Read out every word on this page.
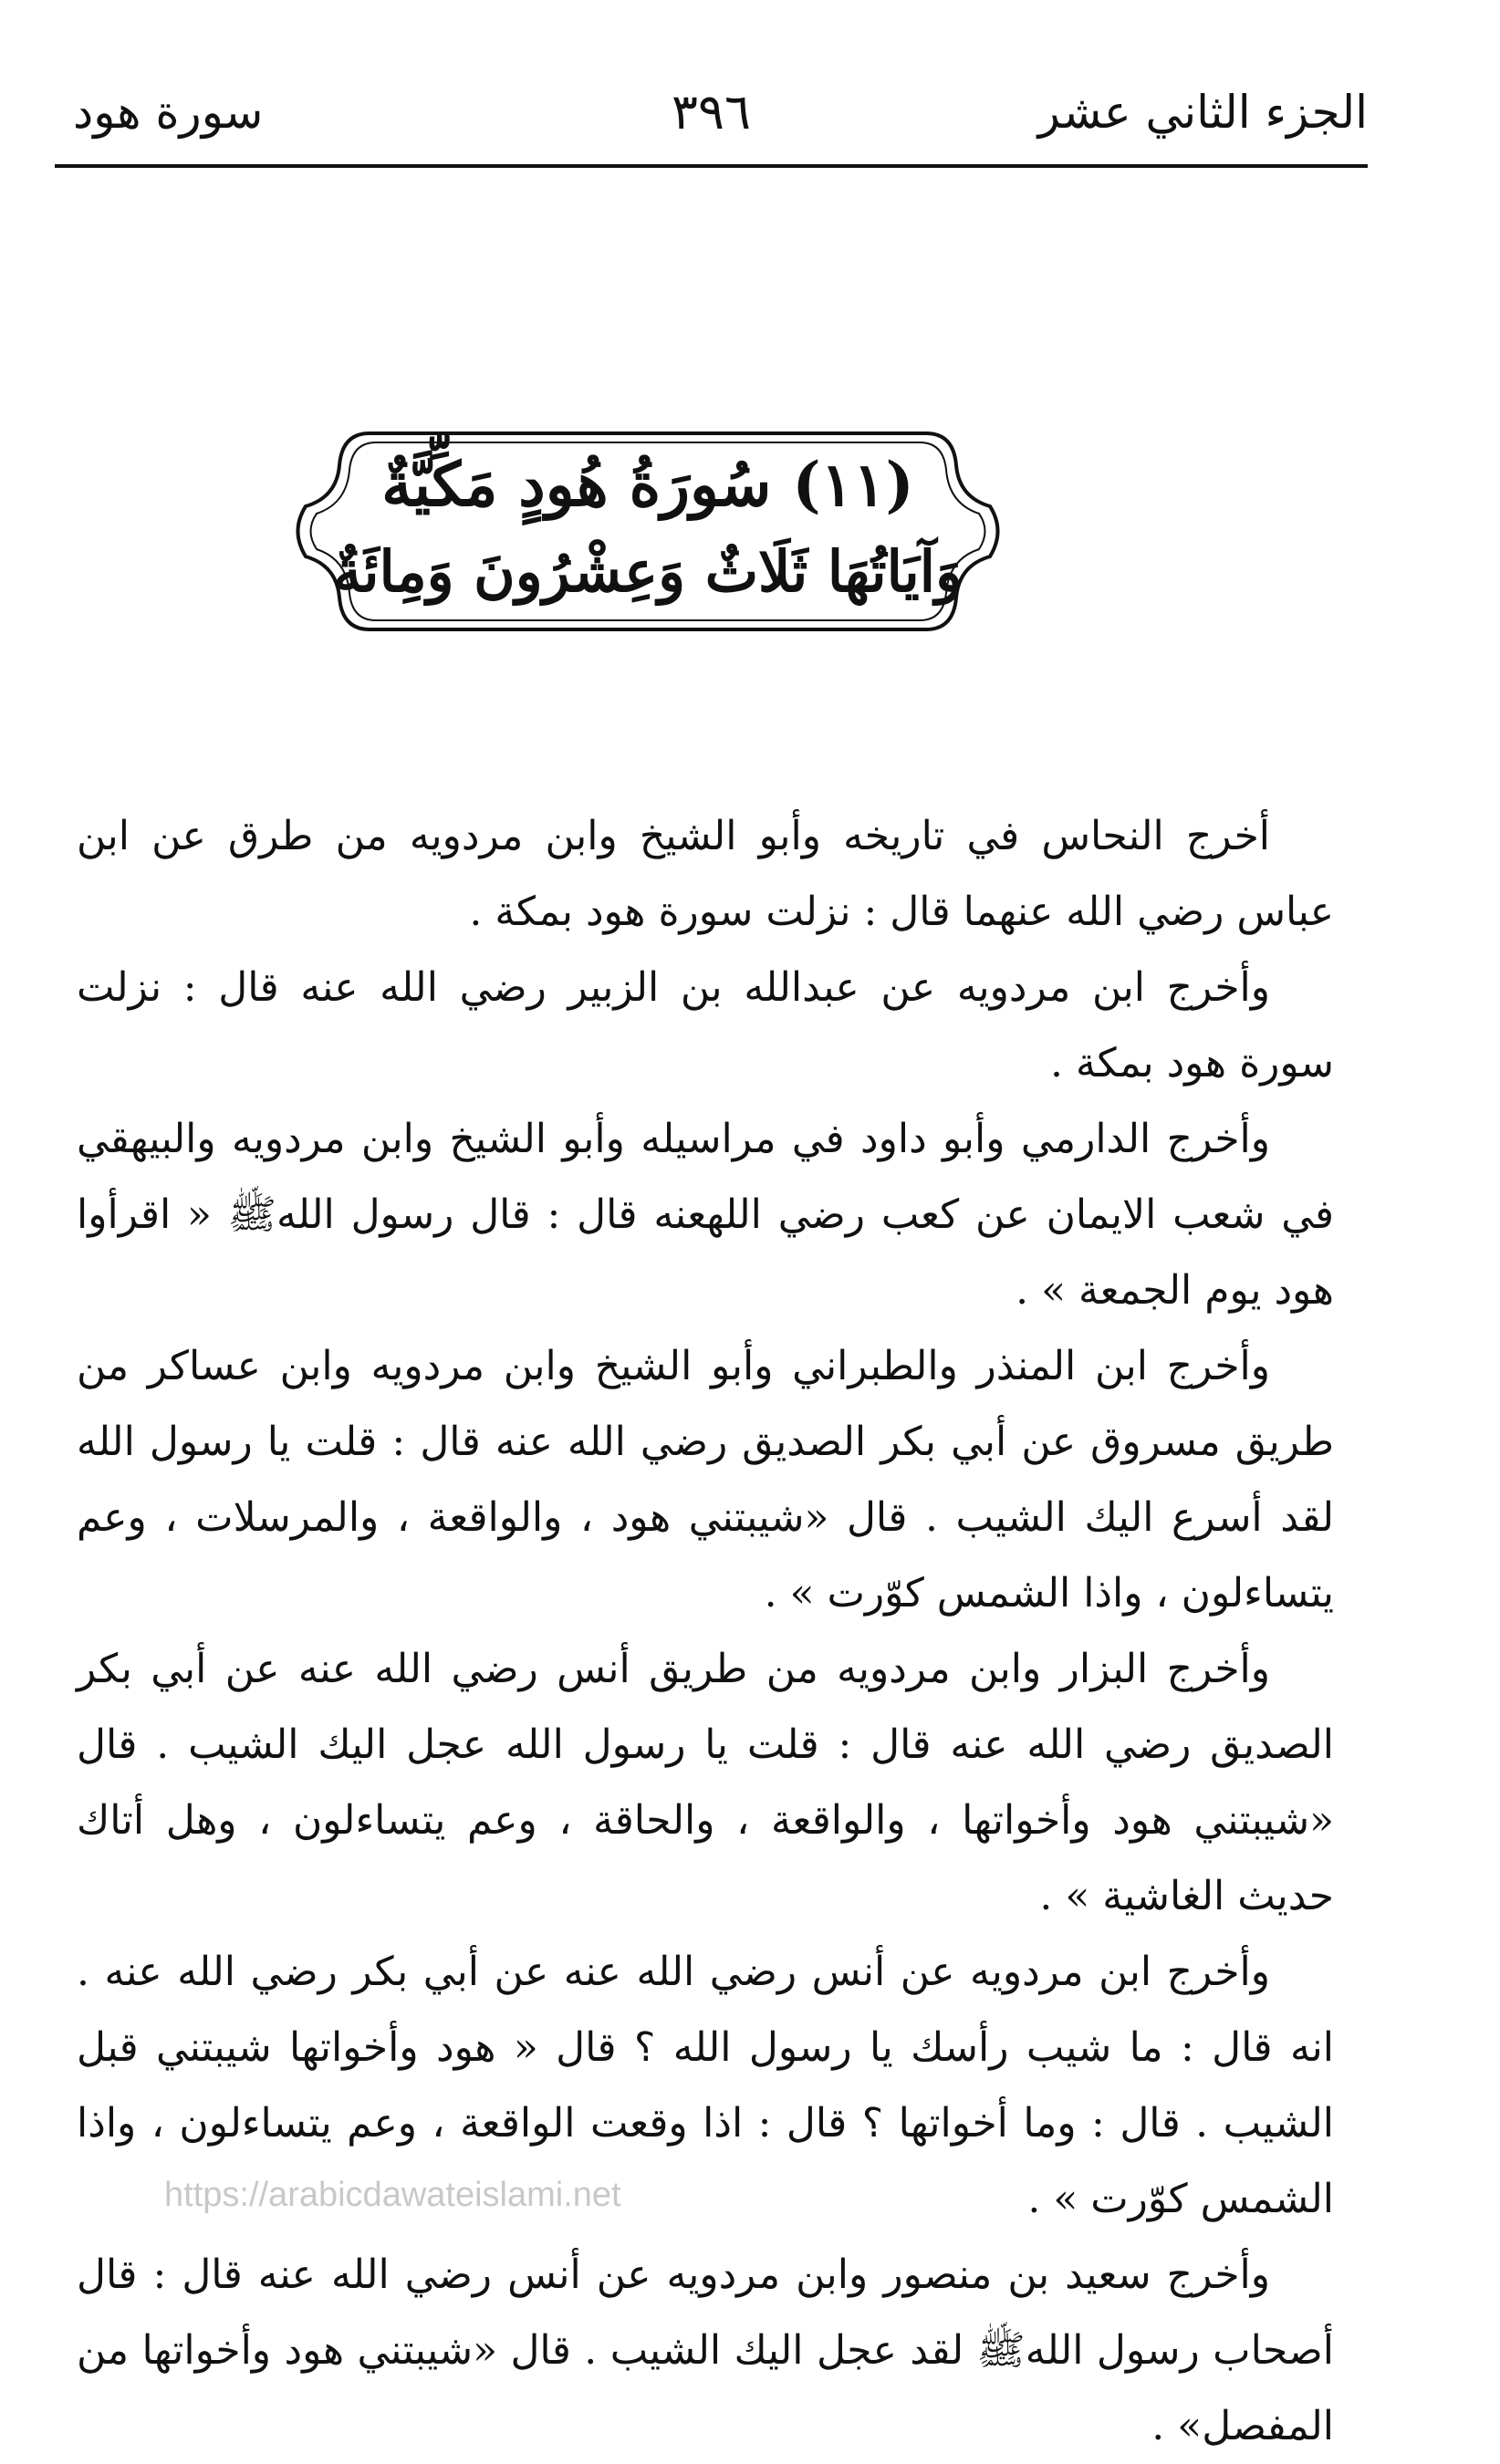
الجزء الثاني عشر
٣٩٦
سورة هود
(١١) سُورَةُ هُودٍ مَكِّيَّةٌ
وَآيَاتُهَا ثَلَاثٌ وَعِشْرُونَ وَمِائَةٌ

أخرج النحاس في تاريخه وأبو الشيخ وابن مردويه من طرق عن ابن عباس رضي الله عنهما قال : نزلت سورة هود بمكة .

وأخرج ابن مردويه عن عبدالله بن الزبير رضي الله عنه قال : نزلت سورة هود بمكة .

وأخرج الدارمي وأبو داود في مراسيله وأبو الشيخ وابن مردويه والبيهقي في شعب الايمان عن كعب رضي اللهعنه قال : قال رسول اللهﷺ « اقرأوا هود يوم الجمعة » .

وأخرج ابن المنذر والطبراني وأبو الشيخ وابن مردويه وابن عساكر من طريق مسروق عن أبي بكر الصديق رضي الله عنه قال : قلت يا رسول الله لقد أسرع اليك الشيب . قال «شيبتني هود ، والواقعة ، والمرسلات ، وعم يتساءلون ، واذا الشمس كوّرت » .

وأخرج البزار وابن مردويه من طريق أنس رضي الله عنه عن أبي بكر الصديق رضي الله عنه قال : قلت يا رسول الله عجل اليك الشيب . قال «شيبتني هود وأخواتها ، والواقعة ، والحاقة ، وعم يتساءلون ، وهل أتاك حديث الغاشية » .

وأخرج ابن مردويه عن أنس رضي الله عنه عن أبي بكر رضي الله عنه . انه قال : ما شيب رأسك يا رسول الله ؟ قال « هود وأخواتها شيبتني قبل الشيب . قال : وما أخواتها ؟ قال : اذا وقعت الواقعة ، وعم يتساءلون ، واذا الشمس كوّرت » .

وأخرج سعيد بن منصور وابن مردويه عن أنس رضي الله عنه قال : قال أصحاب رسول اللهﷺ لقد عجل اليك الشيب . قال «شيبتني هود وأخواتها من المفصل» .

https://arabicdawateislami.net
